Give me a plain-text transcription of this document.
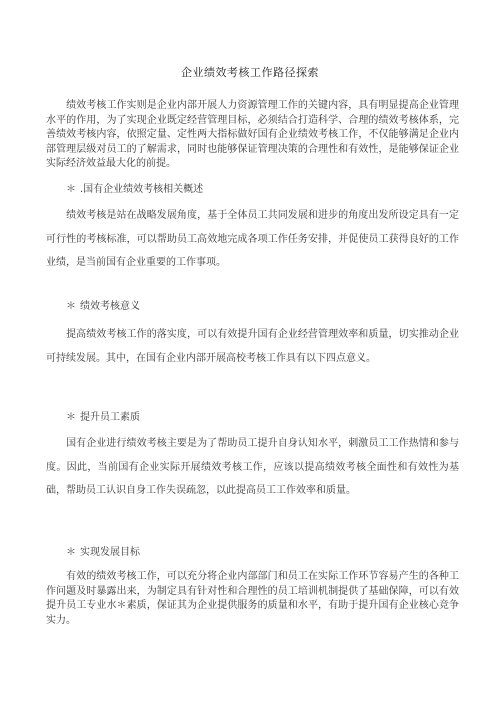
企业绩效考核工作路径探索
绩效考核工作实则是企业内部开展人力资源管理工作的关键内容，具有明显提高企业管理水平的作用，为了实现企业既定经营管理目标，必须结合打造科学、合理的绩效考核体系，完善绩效考核内容，依照定量、定性两大指标做好国有企业绩效考核工作，不仅能够满足企业内部管理层级对员工的了解需求，同时也能够保证管理决策的合理性和有效性，是能够保证企业实际经济效益最大化的前提。
＊ .国有企业绩效考核相关概述
绩效考核是站在战略发展角度，基于全体员工共同发展和进步的角度出发所设定具有一定可行性的考核标准，可以帮助员工高效地完成各项工作任务安排，并促使员工获得良好的工作业绩，是当前国有企业重要的工作事项。
＊ 绩效考核意义
提高绩效考核工作的落实度，可以有效提升国有企业经营管理效率和质量，切实推动企业可持续发展。其中，在国有企业内部开展高校考核工作具有以下四点意义。
＊ 提升员工素质
国有企业进行绩效考核主要是为了帮助员工提升自身认知水平，刺激员工工作热情和参与度。因此，当前国有企业实际开展绩效考核工作，应该以提高绩效考核全面性和有效性为基础，帮助员工认识自身工作失误疏忽，以此提高员工工作效率和质量。
＊ 实现发展目标
有效的绩效考核工作，可以充分将企业内部部门和员工在实际工作环节容易产生的各种工作问题及时暴露出来，为制定具有针对性和合理性的员工培训机制提供了基础保障，可以有效提升员工专业水＊素质，保证其为企业提供服务的质量和水平，有助于提升国有企业核心竞争实力。
